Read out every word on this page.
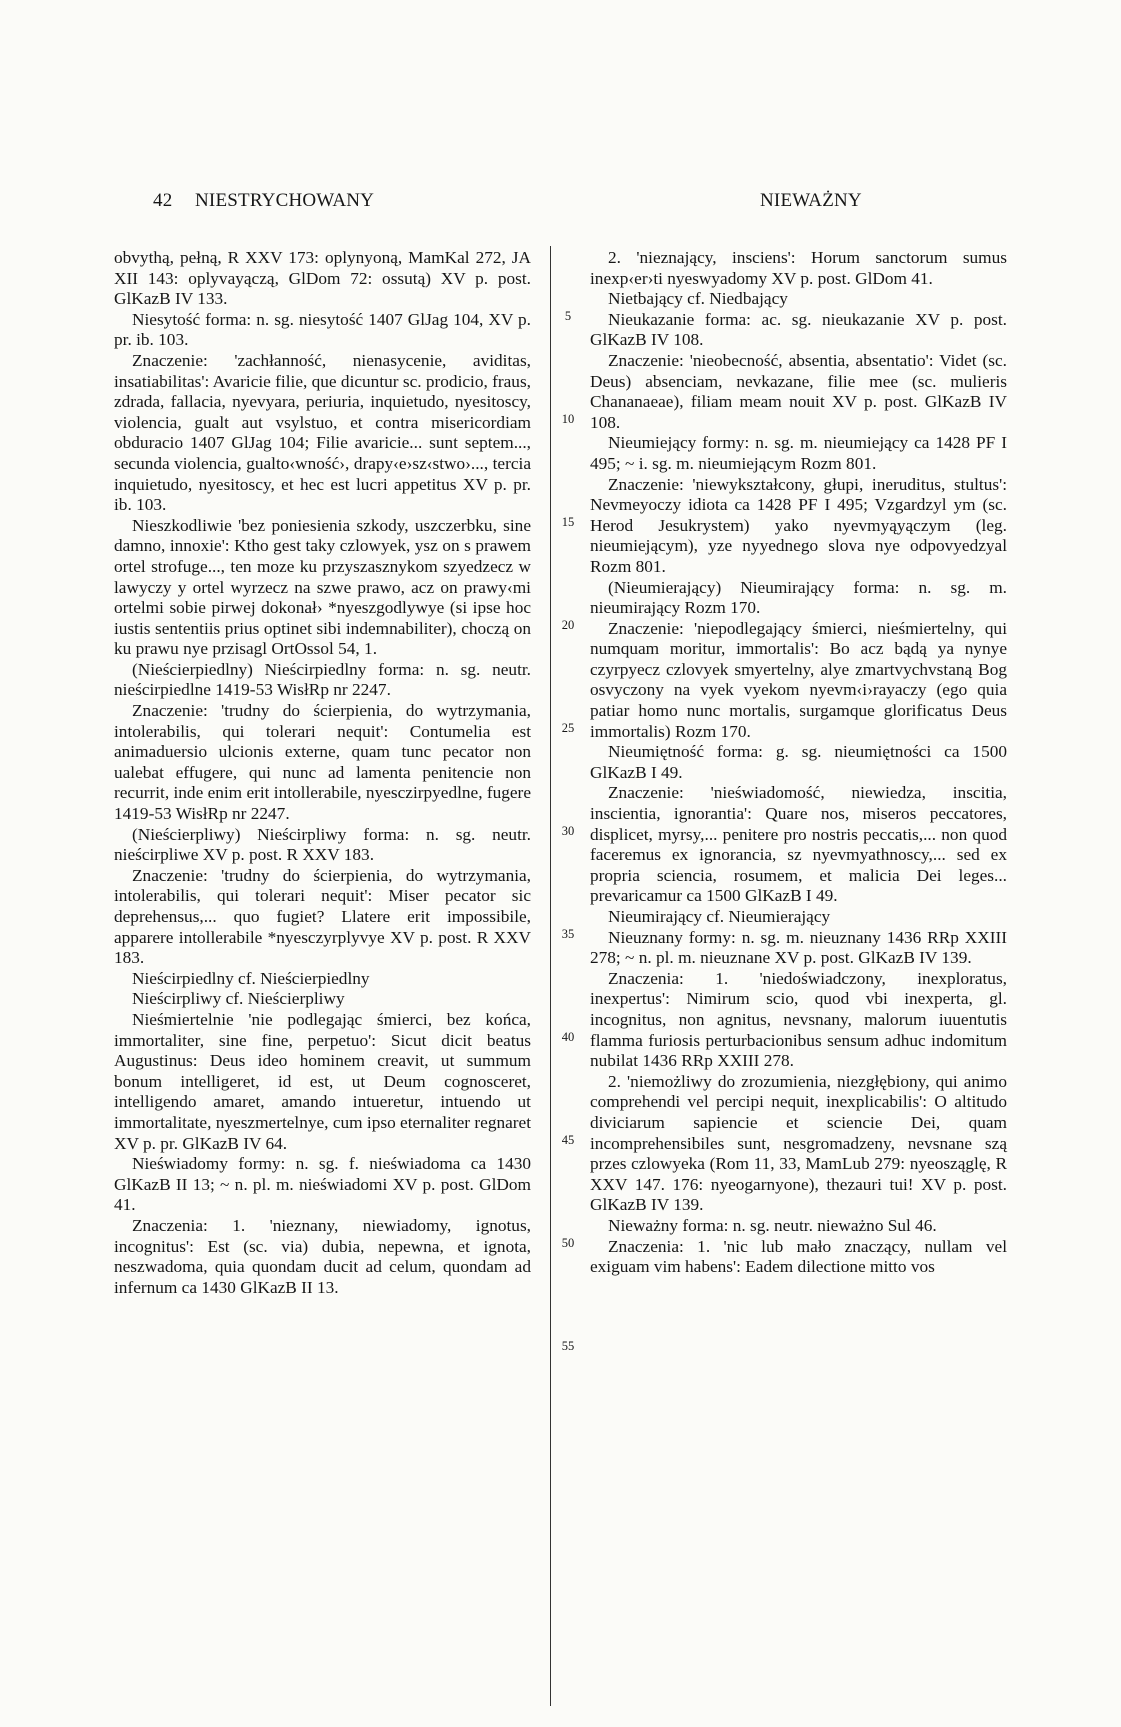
42 NIESTRYCHOWANY	NIEWAŻNY

obvythą, pełną, R XXV 173: oplynyoną, MamKal 272, JA XII 143: oplyvayączą, GlDom 72: ossutą) XV p. post. GlKazB IV 133.

Niesytość forma: n. sg. niesytość 1407 GlJag 104, XV p. pr. ib. 103.

Znaczenie: 'zachłanność, nienasycenie, aviditas, insatiabilitas': Avaricie filie, que dicuntur sc. prodicio, fraus, zdrada, fallacia, nyevyara, periuria, inquietudo, nyesitoscy, violencia, gualt aut vsylstuo, et contra misericordiam obduracio 1407 GlJag 104; Filie avaricie... sunt septem..., secunda violencia, gualto‹wność›, drapy‹e›sz‹stwo›..., tercia inquietudo, nyesitoscy, et hec est lucri appetitus XV p. pr. ib. 103.

Nieszkodliwie 'bez poniesienia szkody, uszczerbku, sine damno, innoxie': Ktho gest taky czlowyek, ysz on s prawem ortel strofuge..., ten moze ku przyszasznykom szyedzecz w lawyczy y ortel wyrzecz na szwe prawo, acz on prawy‹mi ortelmi sobie pirwej dokonał› *nyeszgodlywye (si ipse hoc iustis sententiis prius optinet sibi indemnabiliter), choczą on ku prawu nye przisagl OrtOssol 54, 1.

(Nieścierpiedlny) Nieścirpiedlny forma: n. sg. neutr. nieścirpiedlne 1419-53 WisłRp nr 2247.

Znaczenie: 'trudny do ścierpienia, do wytrzymania, intolerabilis, qui tolerari nequit': Contumelia est animaduersio ulcionis externe, quam tunc pecator non ualebat effugere, qui nunc ad lamenta penitencie non recurrit, inde enim erit intollerabile, nyesczirpyedlne, fugere 1419-53 WisłRp nr 2247.

(Nieścierpliwy) Nieścirpliwy forma: n. sg. neutr. nieścirpliwe XV p. post. R XXV 183.

Znaczenie: 'trudny do ścierpienia, do wytrzymania, intolerabilis, qui tolerari nequit': Miser pecator sic deprehensus,... quo fugiet? Llatere erit impossibile, apparere intollerabile *nyesczyrplyvye XV p. post. R XXV 183.

Nieścirpiedlny cf. Nieścierpiedlny

Nieścirpliwy cf. Nieścierpliwy

Nieśmiertelnie 'nie podlegając śmierci, bez końca, immortaliter, sine fine, perpetuo': Sicut dicit beatus Augustinus: Deus ideo hominem creavit, ut summum bonum intelligeret, id est, ut Deum cognosceret, intelligendo amaret, amando intueretur, intuendo ut immortalitate, nyeszmertelnye, cum ipso eternaliter regnaret XV p. pr. GlKazB IV 64.

Nieświadomy formy: n. sg. f. nieświadoma ca 1430 GlKazB II 13; ~ n. pl. m. nieświadomi XV p. post. GlDom 41.

Znaczenia: 1. 'nieznany, niewiadomy, ignotus, incognitus': Est (sc. via) dubia, nepewna, et ignota, neszwadoma, quia quondam ducit ad celum, quondam ad infernum ca 1430 GlKazB II 13.

5
10
15
20
25
30
35
40
45
50
55

2. 'nieznający, insciens': Horum sanctorum sumus inexp‹er›ti nyeswyadomy XV p. post. GlDom 41.

Nietbający cf. Niedbający

Nieukazanie forma: ac. sg. nieukazanie XV p. post. GlKazB IV 108.

Znaczenie: 'nieobecność, absentia, absentatio': Videt (sc. Deus) absenciam, nevkazane, filie mee (sc. mulieris Chananaeae), filiam meam nouit XV p. post. GlKazB IV 108.

Nieumiejący formy: n. sg. m. nieumiejący ca 1428 PF I 495; ~ i. sg. m. nieumiejącym Rozm 801.

Znaczenie: 'niewykształcony, głupi, ineruditus, stultus': Nevmeyoczy idiota ca 1428 PF I 495; Vzgardzyl ym (sc. Herod Jesukrystem) yako nyevmyąyączym (leg. nieumiejącym), yze nyyednego slova nye odpovyedzyal Rozm 801.

(Nieumierający) Nieumirający forma: n. sg. m. nieumirający Rozm 170.

Znaczenie: 'niepodlegający śmierci, nieśmiertelny, qui numquam moritur, immortalis': Bo acz bądą ya nynye czyrpyecz czlovyek smyertelny, alye zmartvychvstaną Bog osvyczony na vyek vyekom nyevm‹i›rayaczy (ego quia patiar homo nunc mortalis, surgamque glorificatus Deus immortalis) Rozm 170.

Nieumiętność forma: g. sg. nieumiętności ca 1500 GlKazB I 49.

Znaczenie: 'nieświadomość, niewiedza, inscitia, inscientia, ignorantia': Quare nos, miseros peccatores, displicet, myrsy,... penitere pro nostris peccatis,... non quod faceremus ex ignorancia, sz nyevmyathnoscy,... sed ex propria sciencia, rosumem, et malicia Dei leges... prevaricamur ca 1500 GlKazB I 49.

Nieumirający cf. Nieumierający

Nieuznany formy: n. sg. m. nieuznany 1436 RRp XXIII 278; ~ n. pl. m. nieuznane XV p. post. GlKazB IV 139.

Znaczenia: 1. 'niedoświadczony, inexploratus, inexpertus': Nimirum scio, quod vbi inexperta, gl. incognitus, non agnitus, nevsnany, malorum iuuentutis flamma furiosis perturbacionibus sensum adhuc indomitum nubilat 1436 RRp XXIII 278.

2. 'niemożliwy do zrozumienia, niezgłębiony, qui animo comprehendi vel percipi nequit, inexplicabilis': O altitudo diviciarum sapiencie et sciencie Dei, quam incomprehensibiles sunt, nesgromadzeny, nevsnane szą przes czlowyeka (Rom 11, 33, MamLub 279: nyeosząglę, R XXV 147. 176: nyeogarnyone), thezauri tui! XV p. post. GlKazB IV 139.

Nieważny forma: n. sg. neutr. nieważno Sul 46.

Znaczenia: 1. 'nic lub mało znaczący, nullam vel exiguam vim habens': Eadem dilectione mitto vos
